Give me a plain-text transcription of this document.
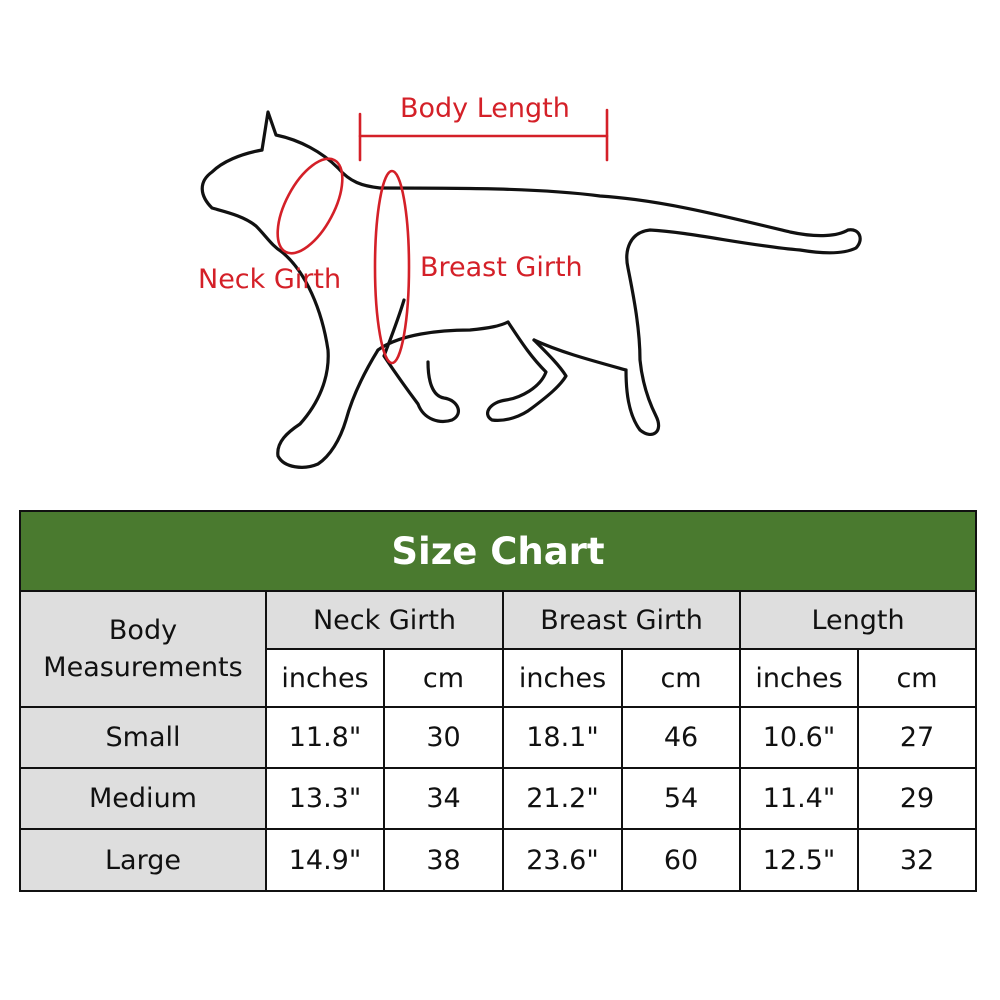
Body Length
Neck Girth	Breast Girth
Size Chart
Body
Measurements	Neck Girth		Breast Girth		Length	
	inches	cm	inches	cm	inches	cm
Small	11.8"	30	18.1"	46	10.6"	27
Medium	13.3"	34	21.2"	54	11.4"	29
Large	14.9"	38	23.6"	60	12.5"	32
